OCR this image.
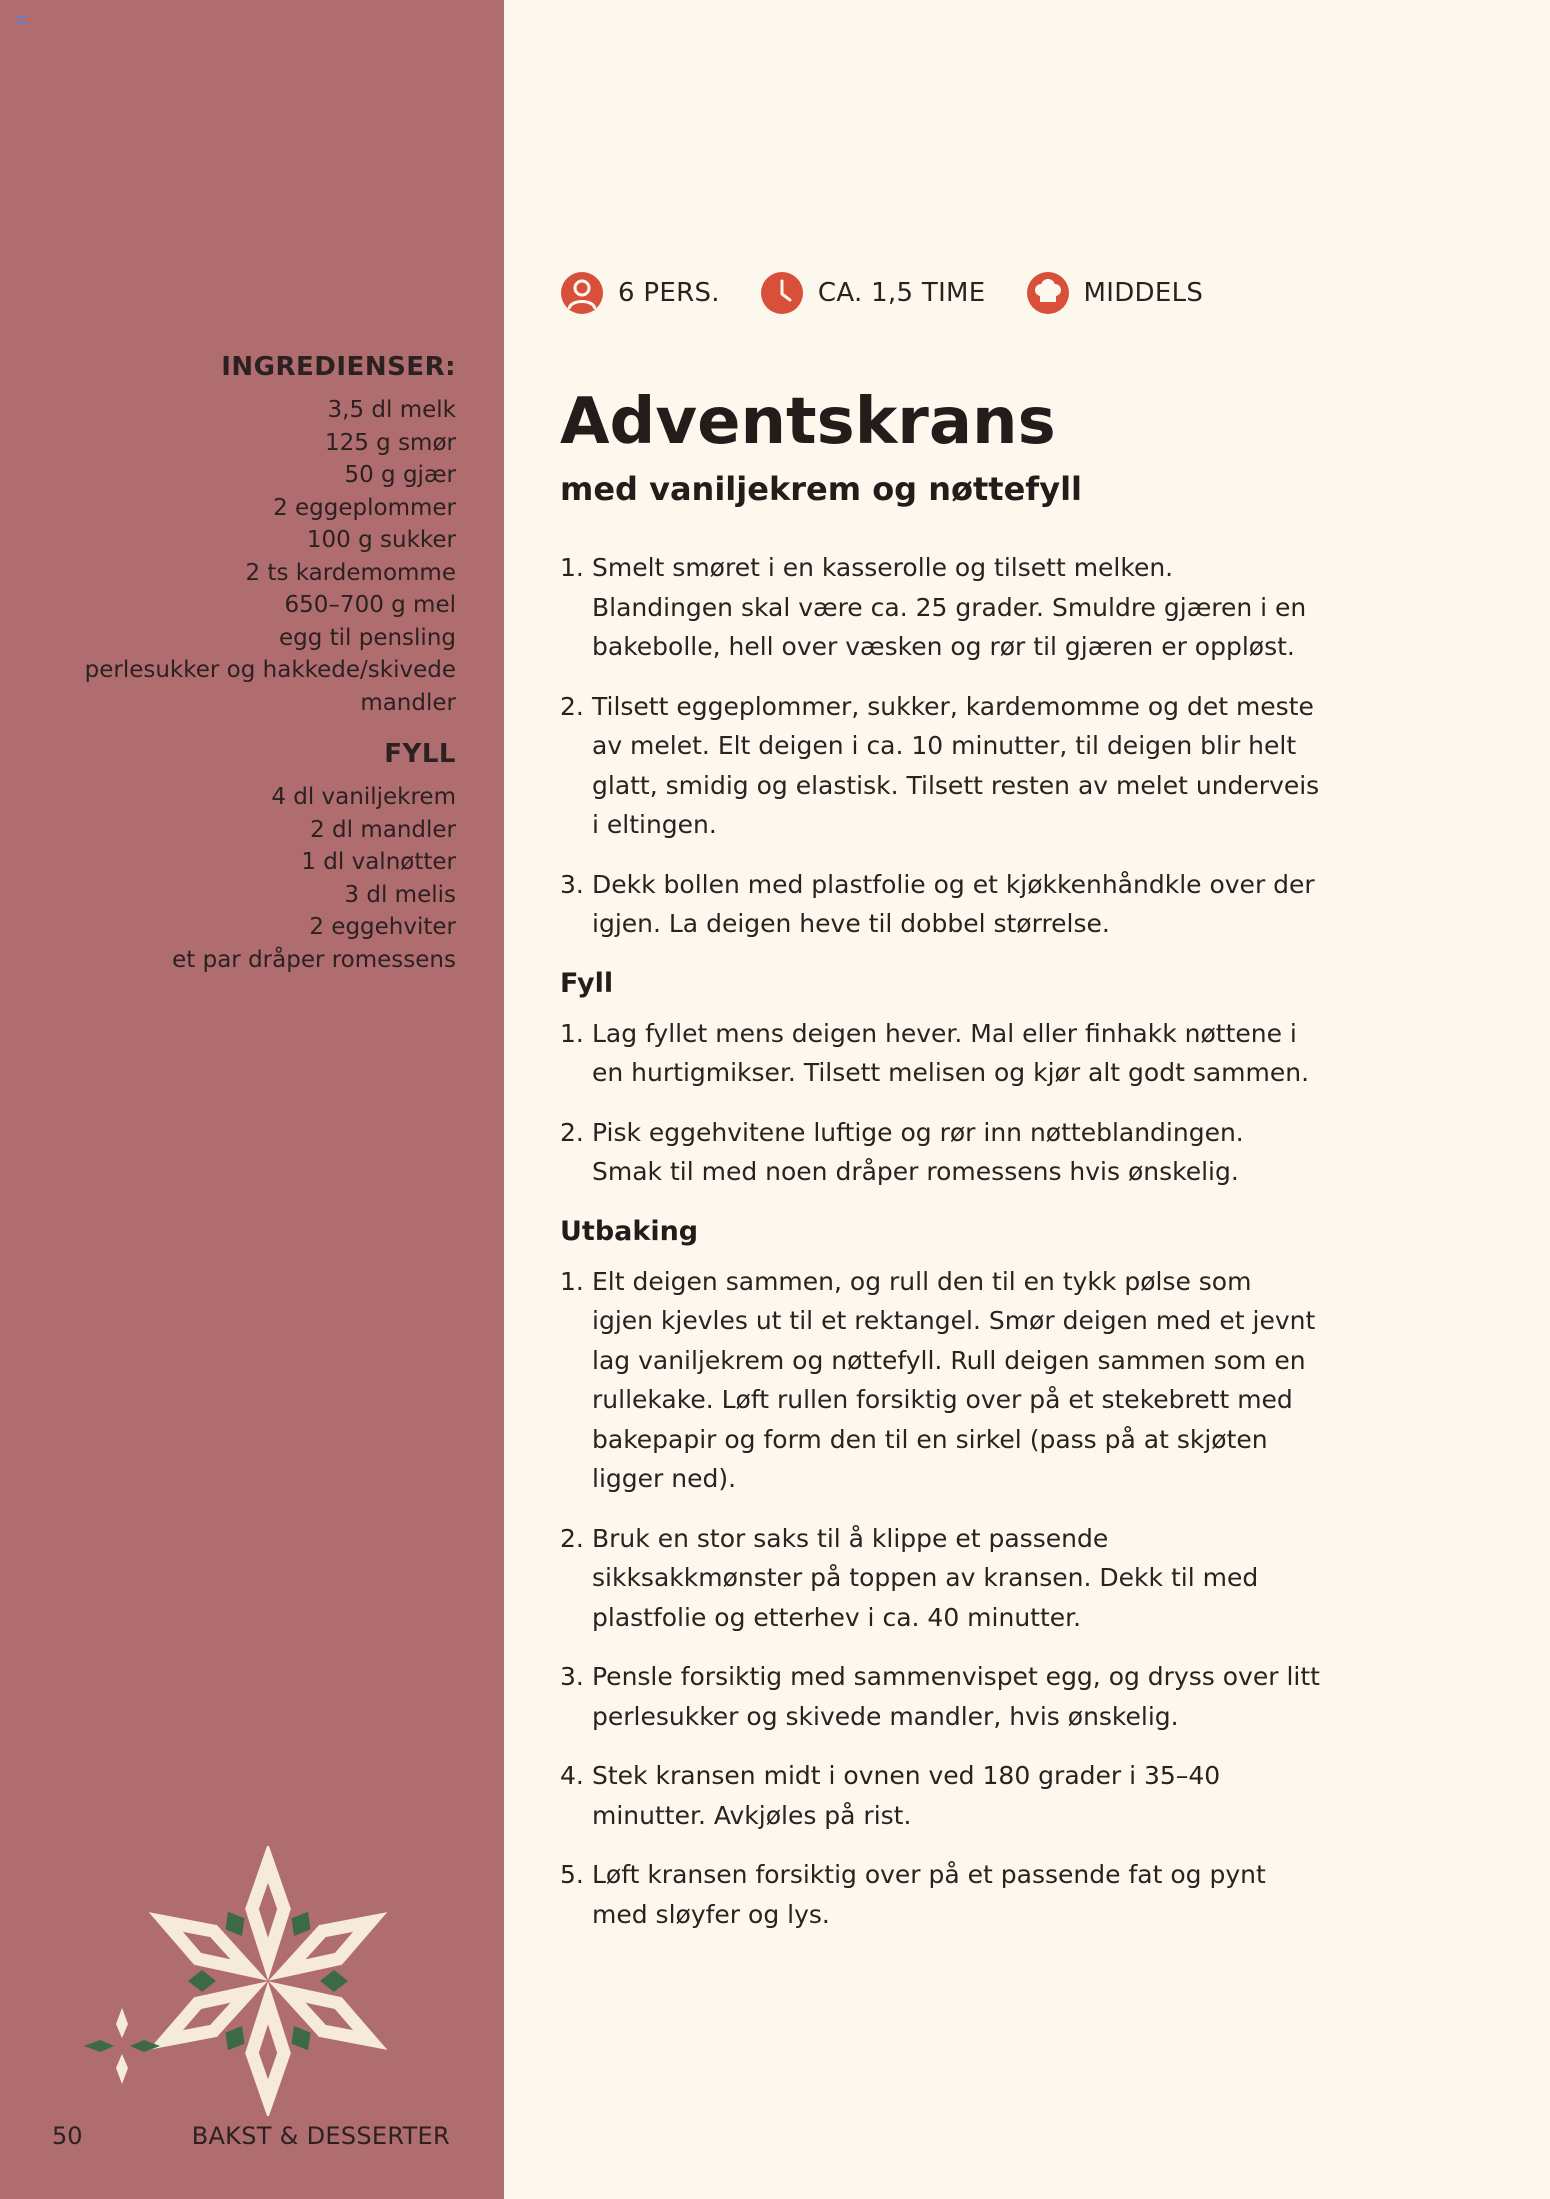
INGREDIENSER:
3,5 dl melk
125 g smør
50 g gjær
2 eggeplommer
100 g sukker
2 ts kardemomme
650–700 g mel
egg til pensling
perlesukker og hakkede/skivede
mandler
FYLL
4 dl vaniljekrem
2 dl mandler
1 dl valnøtter
3 dl melis
2 eggehviter
et par dråper romessens
50	BAKST & DESSERTER
6 PERS.	CA. 1,5 TIME	MIDDELS
Adventskrans
med vaniljekrem og nøttefyll
1. Smelt smøret i en kasserolle og tilsett melken. Blandingen skal være ca. 25 grader. Smuldre gjæren i en bakebolle, hell over væsken og rør til gjæren er oppløst.
2. Tilsett eggeplommer, sukker, kardemomme og det meste av melet. Elt deigen i ca. 10 minutter, til deigen blir helt glatt, smidig og elastisk. Tilsett resten av melet underveis i eltingen.
3. Dekk bollen med plastfolie og et kjøkkenhåndkle over der igjen. La deigen heve til dobbel størrelse.
Fyll
1. Lag fyllet mens deigen hever. Mal eller finhakk nøttene i en hurtigmikser. Tilsett melisen og kjør alt godt sammen.
2. Pisk eggehvitene luftige og rør inn nøtteblandingen. Smak til med noen dråper romessens hvis ønskelig.
Utbaking
1. Elt deigen sammen, og rull den til en tykk pølse som igjen kjevles ut til et rektangel. Smør deigen med et jevnt lag vaniljekrem og nøttefyll. Rull deigen sammen som en rullekake. Løft rullen forsiktig over på et stekebrett med bakepapir og form den til en sirkel (pass på at skjøten ligger ned).
2. Bruk en stor saks til å klippe et passende sikksakkmønster på toppen av kransen. Dekk til med plastfolie og etterhev i ca. 40 minutter.
3. Pensle forsiktig med sammenvispet egg, og dryss over litt perlesukker og skivede mandler, hvis ønskelig.
4. Stek kransen midt i ovnen ved 180 grader i 35–40 minutter. Avkjøles på rist.
5. Løft kransen forsiktig over på et passende fat og pynt med sløyfer og lys.
